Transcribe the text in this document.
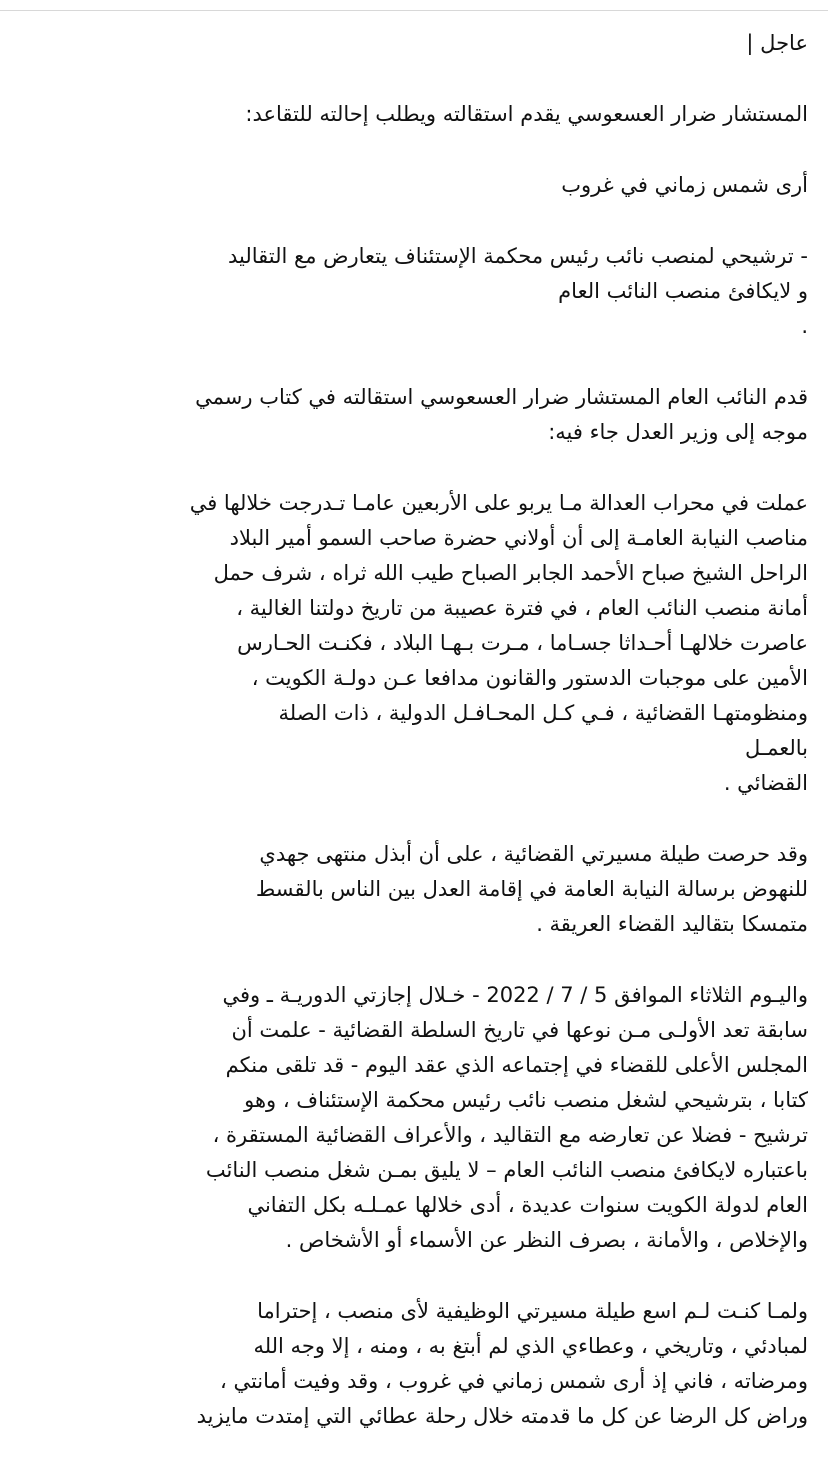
عاجل |
المستشار ضرار العسعوسي يقدم استقالته ويطلب إحالته للتقاعد:
أرى شمس زماني في غروب
- ترشيحي لمنصب نائب رئيس محكمة الإستئناف يتعارض مع التقاليد
و لايكافئ منصب النائب العام
.
قدم النائب العام المستشار ضرار العسعوسي استقالته في كتاب رسمي
موجه إلى وزير العدل جاء فيه:
عملت في محراب العدالة مـا يربو على الأربعين عامـا تـدرجت خلالها في
مناصب النيابة العامـة إلى أن أولاني حضرة صاحب السمو أمير البلاد
الراحل الشيخ صباح الأحمد الجابر الصباح طيب الله ثراه ، شرف حمل
أمانة منصب النائب العام ، في فترة عصيبة من تاريخ دولتنا الغالية ،
عاصرت خلالهـا أحـداثا جسـاما ، مـرت بـهـا البلاد ، فكنـت الحـارس
الأمين على موجبات الدستور والقانون مدافعا عـن دولـة الكويت ،
ومنظومتهـا القضائية ، فـي كـل المحـافـل الدولية ، ذات الصلة
بالعمـل
القضائي .
وقد حرصت طيلة مسيرتي القضائية ، على أن أبذل منتهى جهدي
للنهوض برسالة النيابة العامة في إقامة العدل بين الناس بالقسط
متمسكا بتقاليد القضاء العريقة .
واليـوم الثلاثاء الموافق 5 / 7 / 2022 - خـلال إجازتي الدوريـة ـ وفي
سابقة تعد الأولـى مـن نوعها في تاريخ السلطة القضائية - علمت أن
المجلس الأعلى للقضاء في إجتماعه الذي عقد اليوم - قد تلقى منكم
كتابا ، بترشيحي لشغل منصب نائب رئيس محكمة الإستئناف ، وهو
ترشيح - فضلا عن تعارضه مع التقاليد ، والأعراف القضائية المستقرة ،
باعتباره لايكافئ منصب النائب العام – لا يليق بمـن شغل منصب النائب
العام لدولة الكويت سنوات عديدة ، أدى خلالها عمـلـه بكل التفاني
والإخلاص ، والأمانة ، بصرف النظر عن الأسماء أو الأشخاص .
ولمـا كنـت لـم اسع طيلة مسيرتي الوظيفية لأى منصب ، إحتراما
لمبادئي ، وتاريخي ، وعطاءي الذي لم أبتغ به ، ومنه ، إلا وجه الله
ومرضاته ، فاني إذ أرى شمس زماني في غروب ، وقد وفيت أمانتي ،
وراض كل الرضا عن كل ما قدمته خلال رحلة عطائي التي إمتدت مايزيد
